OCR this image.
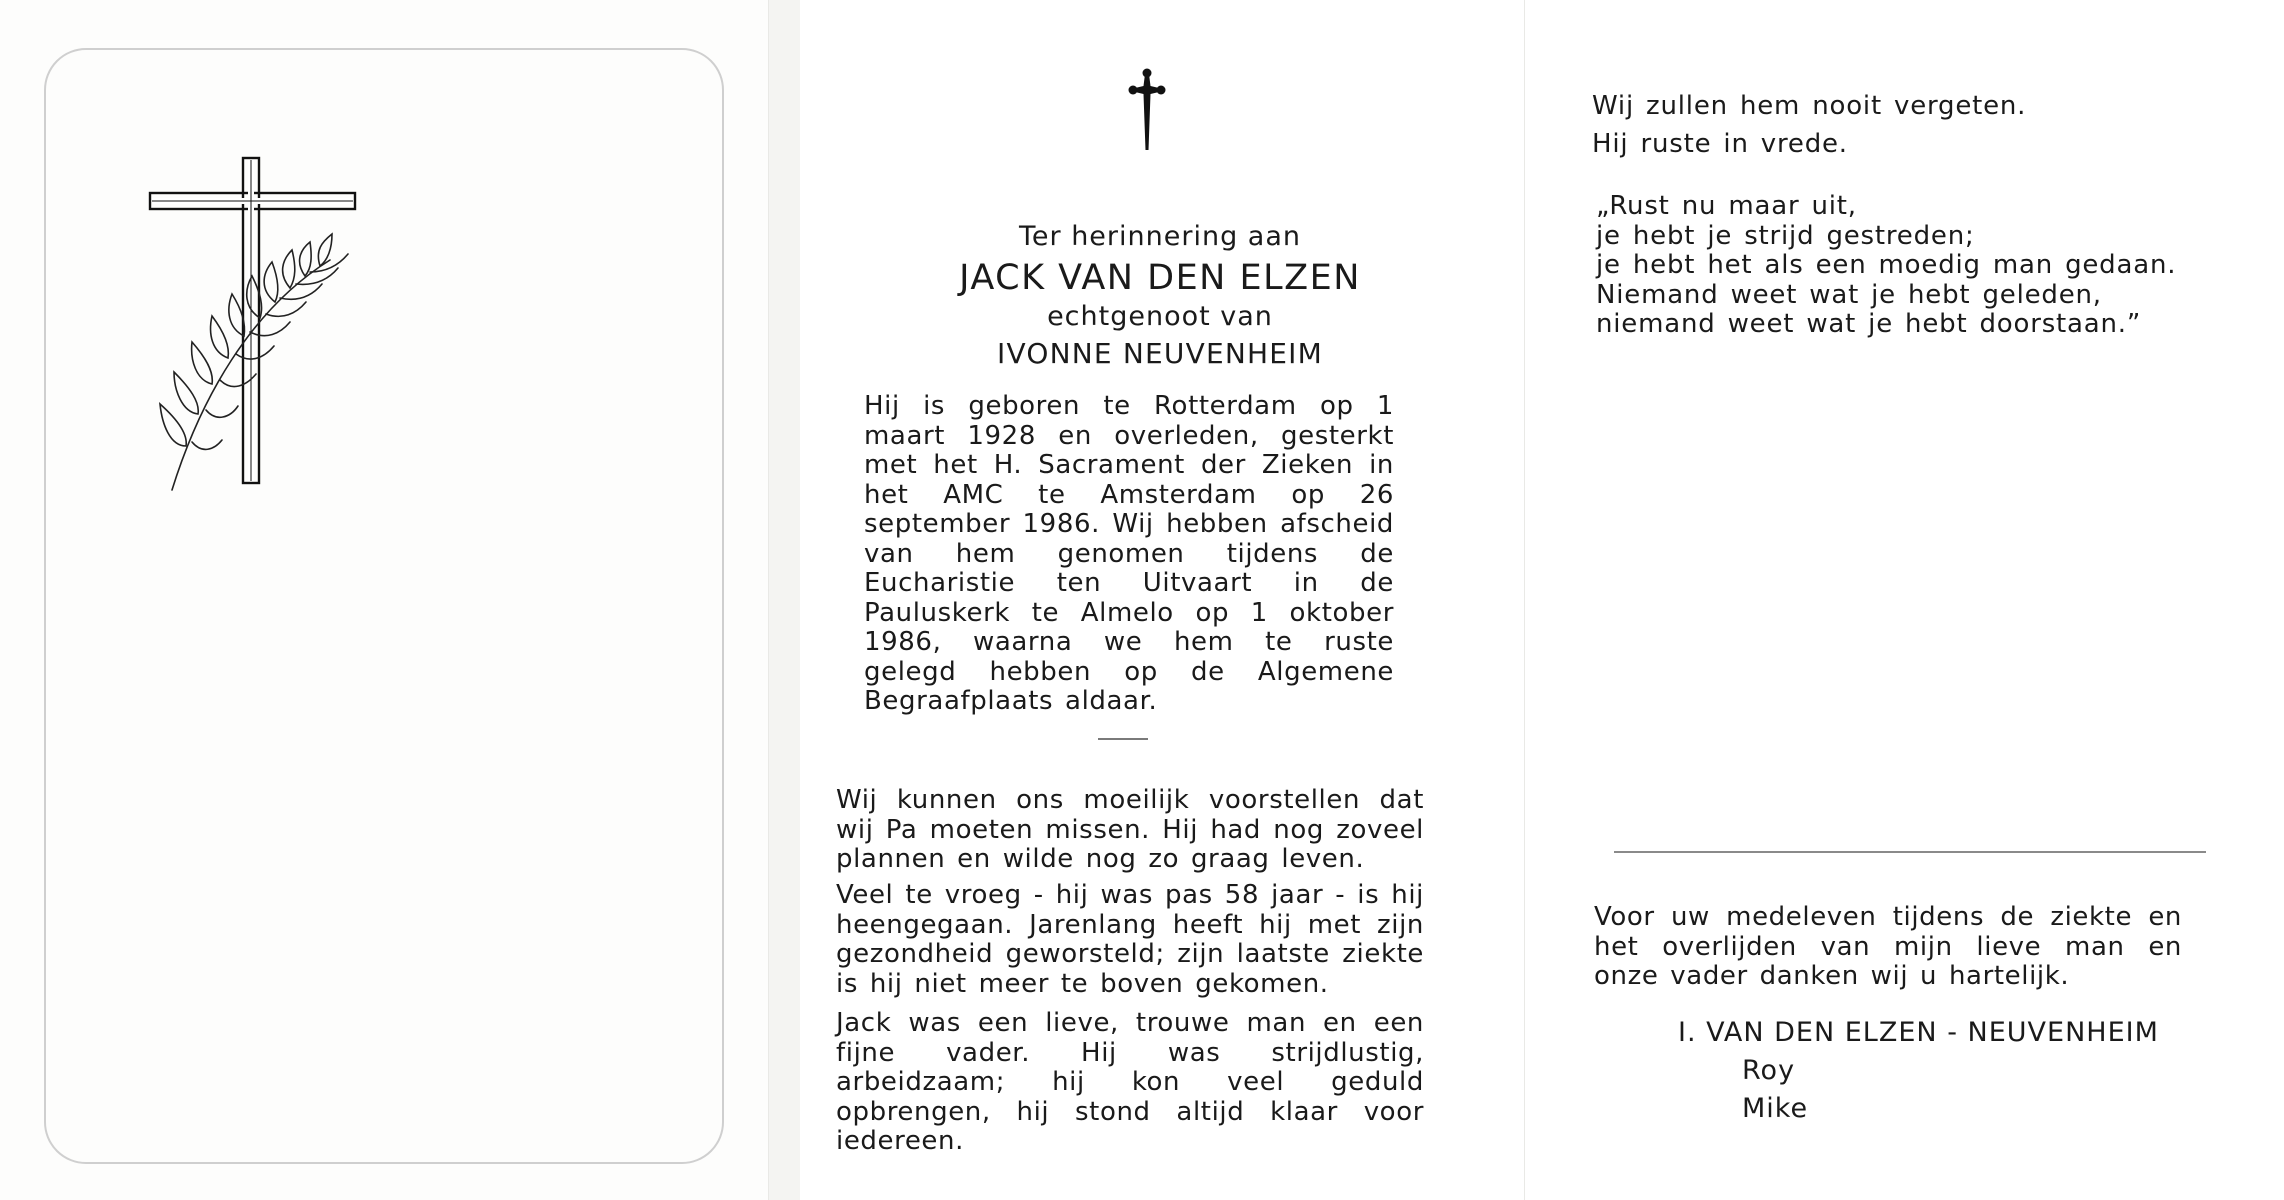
Ter herinnering aan
JACK VAN DEN ELZEN
echtgenoot van
IVONNE NEUVENHEIM
Hij is geboren te Rotterdam op 1 maart 1928 en overleden, gesterkt met het H. Sacrament der Zieken in het AMC te Amsterdam op 26 september 1986. Wij hebben afscheid van hem genomen tijdens de Eucharistie ten Uitvaart in de Pauluskerk te Almelo op 1 oktober 1986, waarna we hem te ruste gelegd hebben op de Algemene Begraafplaats aldaar.
Wij kunnen ons moeilijk voorstellen dat wij Pa moeten missen. Hij had nog zoveel plannen en wilde nog zo graag leven.
Veel te vroeg - hij was pas 58 jaar - is hij heengegaan. Jarenlang heeft hij met zijn gezondheid geworsteld; zijn laatste ziekte is hij niet meer te boven gekomen.
Jack was een lieve, trouwe man en een fijne vader. Hij was strijdlustig, arbeidzaam; hij kon veel geduld opbrengen, hij stond altijd klaar voor iedereen.
Wij zullen hem nooit vergeten.
Hij ruste in vrede.
„Rust nu maar uit,
je hebt je strijd gestreden;
je hebt het als een moedig man gedaan.
Niemand weet wat je hebt geleden,
niemand weet wat je hebt doorstaan.”
Voor uw medeleven tijdens de ziekte en het overlijden van mijn lieve man en onze vader danken wij u hartelijk.
I. VAN DEN ELZEN - NEUVENHEIM
Roy
Mike
